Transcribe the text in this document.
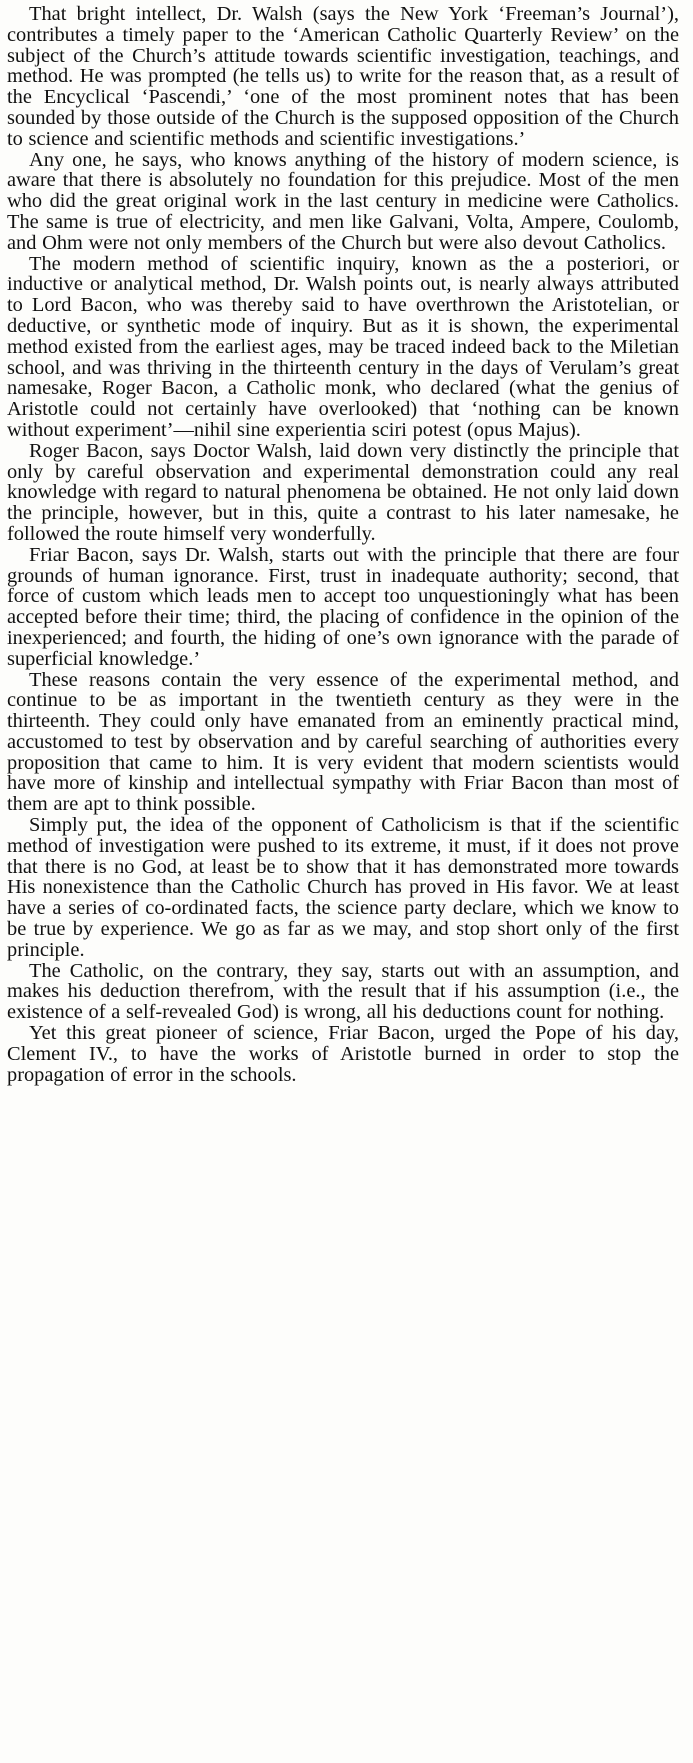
That bright intellect, Dr. Walsh (says the New York ‘Freeman’s Journal’), contributes a timely paper to the ‘American Catholic Quarterly Review’ on the subject of the Church’s attitude towards scientific investigation, teachings, and method. He was prompted (he tells us) to write for the reason that, as a result of the Encyclical ‘Pascendi,’ ‘one of the most prominent notes that has been sounded by those outside of the Church is the supposed opposition of the Church to science and scientific methods and scientific investigations.’

Any one, he says, who knows anything of the history of modern science, is aware that there is absolutely no foundation for this prejudice. Most of the men who did the great original work in the last century in medicine were Catholics. The same is true of electricity, and men like Galvani, Volta, Ampere, Coulomb, and Ohm were not only members of the Church but were also devout Catholics.

The modern method of scientific inquiry, known as the a posteriori, or inductive or analytical method, Dr. Walsh points out, is nearly always attributed to Lord Bacon, who was thereby said to have overthrown the Aristotelian, or deductive, or synthetic mode of inquiry. But as it is shown, the experimental method existed from the earliest ages, may be traced indeed back to the Miletian school, and was thriving in the thirteenth century in the days of Verulam’s great namesake, Roger Bacon, a Catholic monk, who declared (what the genius of Aristotle could not certainly have overlooked) that ‘nothing can be known without experiment’—nihil sine experientia sciri potest (opus Majus).

Roger Bacon, says Doctor Walsh, laid down very distinctly the principle that only by careful observation and experimental demonstration could any real knowledge with regard to natural phenomena be obtained. He not only laid down the principle, however, but in this, quite a contrast to his later namesake, he followed the route himself very wonderfully.

Friar Bacon, says Dr. Walsh, starts out with the principle that there are four grounds of human ignorance. First, trust in inadequate authority; second, that force of custom which leads men to accept too unquestioningly what has been accepted before their time; third, the placing of confidence in the opinion of the inexperienced; and fourth, the hiding of one’s own ignorance with the parade of superficial knowledge.’

These reasons contain the very essence of the experimental method, and continue to be as important in the twentieth century as they were in the thirteenth. They could only have emanated from an eminently practical mind, accustomed to test by observation and by careful searching of authorities every proposition that came to him. It is very evident that modern scientists would have more of kinship and intellectual sympathy with Friar Bacon than most of them are apt to think possible.

Simply put, the idea of the opponent of Catholicism is that if the scientific method of investigation were pushed to its extreme, it must, if it does not prove that there is no God, at least be to show that it has demonstrated more towards His nonexistence than the Catholic Church has proved in His favor. We at least have a series of co-ordinated facts, the science party declare, which we know to be true by experience. We go as far as we may, and stop short only of the first principle.

The Catholic, on the contrary, they say, starts out with an assumption, and makes his deduction therefrom, with the result that if his assumption (i.e., the existence of a self-revealed God) is wrong, all his deductions count for nothing.

Yet this great pioneer of science, Friar Bacon, urged the Pope of his day, Clement IV., to have the works of Aristotle burned in order to stop the propagation of error in the schools.
